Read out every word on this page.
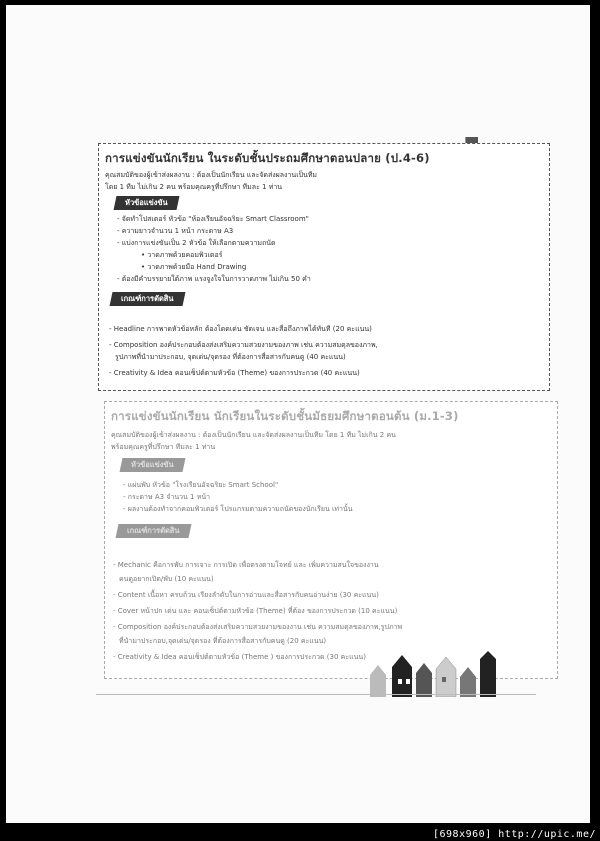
การแข่งขันนักเรียน ในระดับชั้นประถมศึกษาตอนปลาย (ป.4-6)
คุณสมบัติของผู้เข้าส่งผลงาน : ต้องเป็นนักเรียน และจัดส่งผลงานเป็นทีม
โดย 1 ทีม ไม่เกิน 2 คน พร้อมคุณครูที่ปรึกษา ทีมละ 1 ท่าน
หัวข้อแข่งขัน
- จัดทำโปสเตอร์ หัวข้อ "ห้องเรียนอัจฉริยะ Smart Classroom"
- ความยาวจำนวน 1 หน้า กระดาษ A3
- แบ่งการแข่งขันเป็น 2 หัวข้อ ให้เลือกตามความถนัด
• วาดภาพด้วยคอมพิวเตอร์
• วาดภาพด้วยมือ Hand Drawing
- ต้องมีคำบรรยายใต้ภาพ แรงจูงใจในการวาดภาพ ไม่เกิน 50 คำ
เกณฑ์การตัดสิน
- Headline การพาดหัวข้อหลัก ต้องโดดเด่น ชัดเจน และสื่อถึงภาพได้ทันที (20 คะแนน)
- Composition องค์ประกอบต้องส่งเสริมความสวยงามของภาพ เช่น ความสมดุลของภาพ,
รูปภาพที่นำมาประกอบ, จุดเด่น/จุดรอง ที่ต้องการสื่อสารกับคนดู (40 คะแนน)
- Creativity & Idea คอนเซ็ปต์ตามหัวข้อ (Theme) ของการประกวด (40 คะแนน)
การแข่งขันนักเรียน นักเรียนในระดับชั้นมัธยมศึกษาตอนต้น (ม.1-3)
คุณสมบัติของผู้เข้าส่งผลงาน : ต้องเป็นนักเรียน และจัดส่งผลงานเป็นทีม โดย 1 ทีม ไม่เกิน 2 คน
พร้อมคุณครูที่ปรึกษา ทีมละ 1 ท่าน
หัวข้อแข่งขัน
- แผ่นพับ หัวข้อ "โรงเรียนอัจฉริยะ Smart School"
- กระดาษ A3 จำนวน 1 หน้า
- ผลงานต้องทำจากคอมพิวเตอร์ โปรแกรมตามความถนัดของนักเรียน เท่านั้น
เกณฑ์การตัดสิน
- Mechanic คือการพับ การเจาะ การเปิด เพื่อตรงตามโจทย์ และ เพิ่มความสนใจของงาน
คนดูอยากเปิด/พับ (10 คะแนน)
- Content เนื้อหา ครบถ้วน เรียงลำดับในการอ่านและสื่อสารกับคนอ่านง่าย (30 คะแนน)
- Cover หน้าปก เด่น และ คอนเซ็ปต์ตามหัวข้อ (Theme) ที่ต้อง ของการประกวด (10 คะแนน)
- Composition องค์ประกอบต้องส่งเสริมความสวยงามของงาน เช่น ความสมดุลของภาพ,รูปภาพ
ที่นำมาประกอบ,จุดเด่น/จุดรอง ที่ต้องการสื่อสารกับคนดู (20 คะแนน)
- Creativity & Idea คอนเซ็ปต์ตามหัวข้อ (Theme ) ของการประกวด (30 คะแนน)
[698x960] http://upic.me/
